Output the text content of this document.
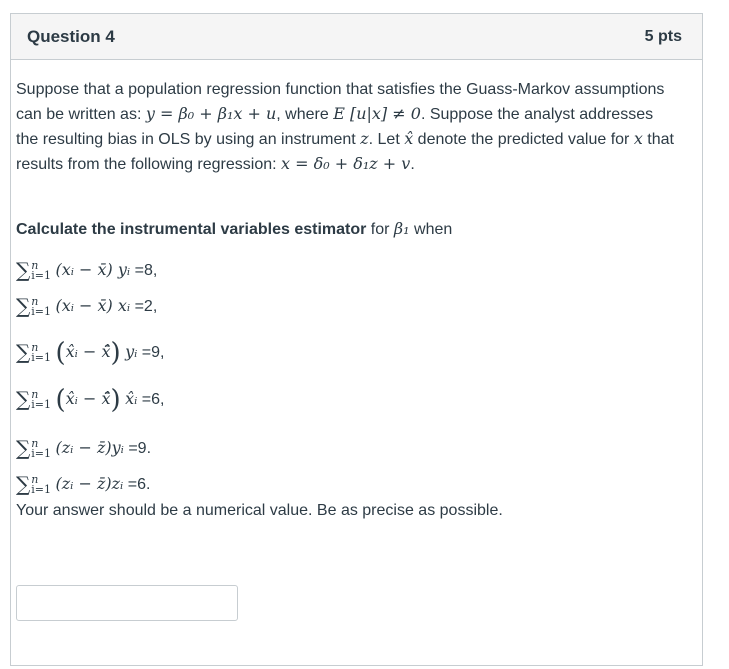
Question 4	5 pts

Suppose that a population regression function that satisfies the Guass-Markov assumptions can be written as: y = β₀ + β₁x + u, where E [u|x] ≠ 0. Suppose the analyst addresses the resulting bias in OLS by using an instrument z. Let x̂ denote the predicted value for x that results from the following regression: x = δ₀ + δ₁z + v.

Calculate the instrumental variables estimator for β₁ when
∑ n
i=1 (xᵢ − x̄) yᵢ =8,
∑ n
i=1 (xᵢ − x̄) xᵢ =2,
∑ n
i=1 (x̂ᵢ − x̂̄) yᵢ =9,
∑ n
i=1 (x̂ᵢ − x̂̄) x̂ᵢ =6,
∑ n
i=1 (zᵢ − z̄)yᵢ =9.
∑ n
i=1 (zᵢ − z̄)zᵢ =6.
Your answer should be a numerical value. Be as precise as possible.
